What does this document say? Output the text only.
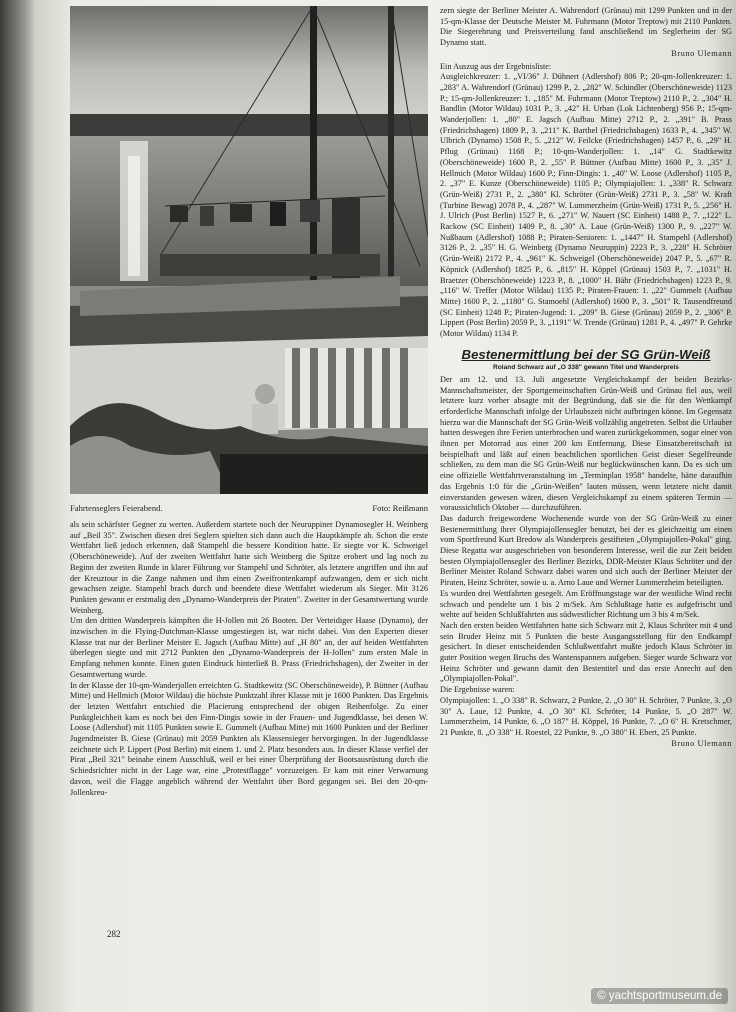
Fahrtenseglers Feierabend.	Foto: Reißmann

als sein schärfster Gegner zu werten. Außerdem startete noch der Neuruppiner Dynamosegler H. Weinberg auf „Beil 35". Zwischen diesen drei Seglern spielten sich dann auch die Hauptkämpfe ab. Schon die erste Wettfahrt ließ jedoch erkennen, daß Stampehl die bessere Kondition hatte. Er siegte vor K. Schweigel (Oberschöneweide). Auf der zweiten Wettfahrt hatte sich Weinberg die Spitze erobert und lag noch zu Beginn der zweiten Runde in klarer Führung vor Stampehl und Schröter, als letztere angriffen und ihn auf der Kreuztour in die Zange nahmen und ihm einen Zweifrontenkampf aufzwangen, dem er sich nicht gewachsen zeigte. Stampehl brach durch und beendete diese Wettfahrt wiederum als Sieger. Mit 3126 Punkten gewann er erstmalig den „Dynamo-Wanderpreis der Piraten". Zweiter in der Gesamtwertung wurde Weinberg.

Um den dritten Wanderpreis kämpften die H-Jollen mit 26 Booten. Der Verteidiger Haase (Dynamo), der inzwischen in die Flying-Dutchman-Klasse umgestiegen ist, war nicht dabei. Von den Experten dieser Klasse trat nur der Berliner Meister E. Jagsch (Aufbau Mitte) auf „H 80" an, der auf beiden Wettfahrten überlegen siegte und mit 2712 Punkten den „Dynamo-Wanderpreis der H-Jollen" zum ersten Male in Empfang nehmen konnte. Einen guten Eindruck hinterließ B. Prass (Friedrichshagen), der Zweiter in der Gesamtwertung wurde.

In der Klasse der 10-qm-Wanderjollen erreichten G. Stadtkewitz (SC Oberschöneweide), P. Büttner (Aufbau Mitte) und Hellmich (Motor Wildau) die höchste Punktzahl ihrer Klasse mit je 1600 Punkten. Das Ergebnis der letzten Wettfahrt entschied die Placierung entsprechend der obigen Reihenfolge. Zu einer Punktgleichheit kam es noch bei den Finn-Dingis sowie in der Frauen- und Jugendklasse, bei denen W. Loose (Adlershof) mit 1105 Punkten sowie E. Gummelt (Aufbau Mitte) mit 1600 Punkten und der Berliner Jugendmeister B. Giese (Grünau) mit 2059 Punkten als Klassensieger hervorgingen. In der Jugendklasse zeichnete sich P. Lippert (Post Berlin) mit einem 1. und 2. Platz besonders aus. In dieser Klasse verfiel der Pirat „Beil 321" beinahe einem Ausschluß, weil er bei einer Überprüfung der Bootsausrüstung durch die Schiedsrichter nicht in der Lage war, eine „Protestflagge" vorzuzeigen. Er kam mit einer Verwarnung davon, weil die Flagge angeblich während der Wettfahrt über Bord gegangen sei. Bei den 20-qm-Jollenkreu-

zern siegte der Berliner Meister A. Wahrendorf (Grünau) mit 1299 Punkten und in der 15-qm-Klasse der Deutsche Meister M. Fuhrmann (Motor Treptow) mit 2110 Punkten. Die Siegerehrung und Preisverteilung fand anschließend im Seglerheim der SG Dynamo statt.

Bruno Ulemann

Ein Auszug aus der Ergebnisliste:

Ausgleichkreuzer: 1. „VI/36" J. Dühnert (Adlershof) 806 P.; 20-qm-Jollenkreuzer: 1. „283" A. Wahrendorf (Grünau) 1299 P., 2. „282" W. Schindler (Oberschöneweide) 1123 P.; 15-qm-Jollenkreuzer: 1. „185" M. Fuhrmann (Motor Treptow) 2110 P., 2. „304" H. Bandlin (Motor Wildau) 1031 P., 3. „42" H. Urban (Lok Lichtenberg) 956 P.; 15-qm-Wanderjollen: 1. „80" E. Jagsch (Aufbau Mitte) 2712 P., 2. „391" B. Prass (Friedrichshagen) 1809 P., 3. „211" K. Barthel (Friedrichshagen) 1633 P., 4. „345" W. Ulbrich (Dynamo) 1508 P., 5. „212" W. Feilcke (Friedrichshagen) 1457 P., 6. „29" H. Pflug (Grünau) 1168 P.; 10-qm-Wanderjollen: 1. „14" G. Stadtkewitz (Oberschöneweide) 1600 P., 2. „55" P. Büttner (Aufbau Mitte) 1600 P., 3. „35" J. Hellmich (Motor Wildau) 1600 P.; Finn-Dingis: 1. „40" W. Loose (Adlershof) 1105 P., 2. „37" E. Kunze (Oberschöneweide) 1105 P.; Olympiajollen: 1. „338" R. Schwarz (Grün-Weiß) 2731 P., 2. „380" Kl. Schröter (Grün-Weiß) 2731 P., 3. „58" W. Kraft (Turbine Bewag) 2078 P., 4. „287" W. Lummerzheim (Grün-Weiß) 1731 P., 5. „256" H. J. Ulrich (Post Berlin) 1527 P., 6. „271" W. Nauert (SC Einheit) 1488 P., 7. „122" L. Rackow (SC Einheit) 1409 P., 8. „30" A. Laue (Grün-Weiß) 1300 P., 9. „227" W. Nußbaum (Adlershof) 1088 P.; Piraten-Senioren: 1. „1447" H. Stampehl (Adlershof) 3126 P., 2. „35" H. G. Weinberg (Dynamo Neuruppin) 2223 P., 3. „228" H. Schröter (Grün-Weiß) 2172 P., 4. „961" K. Schweigel (Oberschöneweide) 2047 P., 5. „67" R. Köpnick (Adlershof) 1825 P., 6. „815" H. Köppel (Grünau) 1503 P., 7. „1031" H. Braetzer (Oberschöneweide) 1223 P., 8. „1000" H. Bähr (Friedrichshagen) 1223 P., 9. „116" W. Treffer (Motor Wildau) 1135 P.; Piraten-Frauen: 1. „22" Gummelt (Aufbau Mitte) 1600 P., 2. „1180" G. Stamoehl (Adlershof) 1600 P., 3. „501" R. Tausendfreund (SC Einheit) 1248 P.; Piraten-Jugend: 1. „209" B. Giese (Grünau) 2059 P., 2. „306" P. Lippert (Post Berlin) 2059 P., 3. „1191" W. Trende (Grünau) 1281 P., 4. „497" P. Gehrke (Motor Wildau) 1134 P.

Bestenermittlung bei der SG Grün-Weiß

Roland Schwarz auf „O 338" gewann Titel und Wanderpreis

Der am 12. und 13. Juli angesetzte Vergleichskampf der beiden Bezirks-Mannschaftsmeister, der Sportgemeinschaften Grün-Weiß und Grünau fiel aus, weil letztere kurz vorher absagte mit der Begründung, daß sie die für den Wettkampf erforderliche Mannschaft infolge der Urlaubszeit nicht aufbringen könne. Im Gegensatz hierzu war die Mannschaft der SG Grün-Weiß vollzählig angetreten. Selbst die Urlauber hatten deswegen ihre Ferien unterbrochen und waren zurückgekommen, sogar einer von ihnen per Motorrad aus einer 200 km Entfernung. Diese Einsatzbereitschaft ist beispielhaft und läßt auf einen beachtlichen sportlichen Geist dieser Segelfreunde schließen, zu dem man die SG Grün-Weiß nur beglückwünschen kann. Da es sich um eine offizielle Wettfahrtveranstaltung im „Terminplan 1958" handelte, hätte daraufhin das Ergebnis 1:0 für die „Grün-Weißen" lauten müssen, wenn letztere nicht damit einverstanden gewesen wären, diesen Vergleichskampf zu einem späteren Termin — voraussichtlich Oktober — durchzuführen.

Das dadurch freigewordene Wochenende wurde von der SG Grün-Weiß zu einer Bestenermittlung ihrer Olympiajollensegler benutzt, bei der es gleichzeitig um einen vom Sportfreund Kurt Bredow als Wanderpreis gestifteten „Olympiajollen-Pokal" ging. Diese Regatta war ausgeschrieben von besonderem Interesse, weil die zur Zeit beiden besten Olympiajollensegler des Berliner Bezirks, DDR-Meister Klaus Schröter und der Berliner Meister Roland Schwarz dabei waren und sich auch der Berliner Meister der Piraten, Heinz Schröter, sowie u. a. Arno Laue und Werner Lummerzheim beteiligten.

Es wurden drei Wettfahrten gesegelt. Am Eröffnungstage war der westliche Wind recht schwach und pendelte um 1 bis 2 m/Sek. Am Schlußtage hatte es aufgefrischt und wehte auf beiden Schlußfahrten aus südwestlicher Richtung um 3 bis 4 m/Sek.

Nach den ersten beiden Wettfahrten hatte sich Schwarz mit 2, Klaus Schröter mit 4 und sein Bruder Heinz mit 5 Punkten die beste Ausgangsstellung für den Endkampf gesichert. In dieser entscheidenden Schlußwettfahrt mußte jedoch Klaus Schröter in guter Position wegen Bruchs des Wantenspanners aufgeben. Sieger wurde Schwarz vor Heinz Schröter und gewann damit den Bestentitel und das erste Anrecht auf den „Olympiajollen-Pokal".

Die Ergebnisse waren:

Olympiajollen: 1. „O 338" R. Schwarz, 2 Punkte, 2. „O 30" H. Schröter, 7 Punkte, 3. „O 30" A. Laue, 12 Punkte, 4. „O 30" Kl. Schröter, 14 Punkte, 5. „O 287" W. Lummerzheim, 14 Punkte, 6. „O 187" H. Köppel, 16 Punkte, 7. „O 6" H. Kretschmer, 21 Punkte, 8. „O 338" H. Roestel, 22 Punkte, 9. „O 380" H. Ebert, 25 Punkte.

Bruno Ulemann

282
© yachtsportmuseum.de
